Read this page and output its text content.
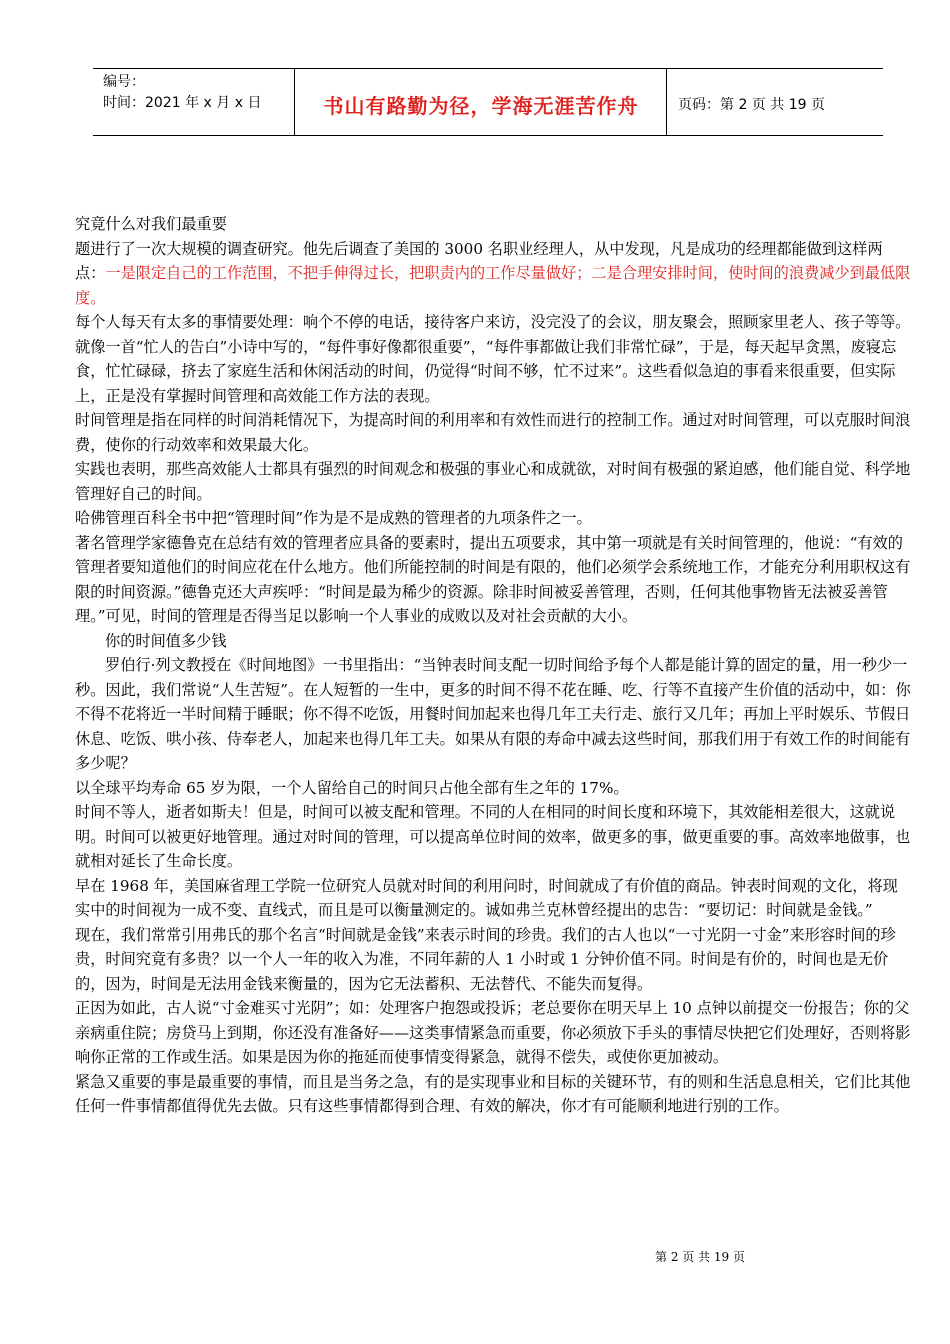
编号：
时间：2021 年 x 月 x 日	书山有路勤为径，学海无涯苦作舟	页码：第 2 页 共 19 页

究竟什么对我们最重要

题进行了一次大规模的调查研究。他先后调查了美国的 3000 名职业经理人，从中发现，凡是成功的经理都能做到这样两点：一是限定自己的工作范围，不把手伸得过长，把职责内的工作尽量做好；二是合理安排时间，使时间的浪费减少到最低限度。

每个人每天有太多的事情要处理：响个不停的电话，接待客户来访，没完没了的会议，朋友聚会，照顾家里老人、孩子等等。就像一首“忙人的告白”小诗中写的，“每件事好像都很重要”，“每件事都做让我们非常忙碌”，于是，每天起早贪黑，废寝忘食，忙忙碌碌，挤去了家庭生活和休闲活动的时间，仍觉得“时间不够，忙不过来”。这些看似急迫的事看来很重要，但实际上，正是没有掌握时间管理和高效能工作方法的表现。

时间管理是指在同样的时间消耗情况下，为提高时间的利用率和有效性而进行的控制工作。通过对时间管理，可以克服时间浪费，使你的行动效率和效果最大化。

实践也表明，那些高效能人士都具有强烈的时间观念和极强的事业心和成就欲，对时间有极强的紧迫感，他们能自觉、科学地管理好自己的时间。

哈佛管理百科全书中把“管理时间”作为是不是成熟的管理者的九项条件之一。

著名管理学家德鲁克在总结有效的管理者应具备的要素时，提出五项要求，其中第一项就是有关时间管理的，他说：“有效的管理者要知道他们的时间应花在什么地方。他们所能控制的时间是有限的，他们必须学会系统地工作，才能充分利用职权这有限的时间资源。”德鲁克还大声疾呼：“时间是最为稀少的资源。除非时间被妥善管理，否则，任何其他事物皆无法被妥善管理。”可见，时间的管理是否得当足以影响一个人事业的成败以及对社会贡献的大小。

你的时间值多少钱

罗伯行·列文教授在《时间地图》一书里指出：“当钟表时间支配一切时间给予每个人都是能计算的固定的量，用一秒少一秒。因此，我们常说“人生苦短”。在人短暂的一生中，更多的时间不得不花在睡、吃、行等不直接产生价值的活动中，如：你不得不花将近一半时间精于睡眠；你不得不吃饭，用餐时间加起来也得几年工夫行走、旅行又几年；再加上平时娱乐、节假日休息、吃饭、哄小孩、侍奉老人，加起来也得几年工夫。如果从有限的寿命中减去这些时间，那我们用于有效工作的时间能有多少呢？

以全球平均寿命 65 岁为限，一个人留给自己的时间只占他全部有生之年的 17%。

时间不等人，逝者如斯夫！但是，时间可以被支配和管理。不同的人在相同的时间长度和环境下，其效能相差很大，这就说明。时间可以被更好地管理。通过对时间的管理，可以提高单位时间的效率，做更多的事，做更重要的事。高效率地做事，也就相对延长了生命长度。

早在 1968 年，美国麻省理工学院一位研究人员就对时间的利用问时，时间就成了有价值的商品。钟表时间观的文化，将现实中的时间视为一成不变、直线式，而且是可以衡量测定的。诚如弗兰克林曾经提出的忠告：“要切记：时间就是金钱。”

现在，我们常常引用弗氏的那个名言“时间就是金钱”来表示时间的珍贵。我们的古人也以“一寸光阴一寸金”来形容时间的珍贵，时间究竟有多贵？以一个人一年的收入为准，不同年薪的人 1 小时或 1 分钟价值不同。时间是有价的，时间也是无价的，因为，时间是无法用金钱来衡量的，因为它无法蓄积、无法替代、不能失而复得。

正因为如此，古人说“寸金难买寸光阴”；如：处理客户抱怨或投诉；老总要你在明天早上 10 点钟以前提交一份报告；你的父亲病重住院；房贷马上到期，你还没有准备好——这类事情紧急而重要，你必须放下手头的事情尽快把它们处理好，否则将影响你正常的工作或生活。如果是因为你的拖延而使事情变得紧急，就得不偿失，或使你更加被动。

紧急又重要的事是最重要的事情，而且是当务之急，有的是实现事业和目标的关键环节，有的则和生活息息相关，它们比其他任何一件事情都值得优先去做。只有这些事情都得到合理、有效的解决，你才有可能顺利地进行别的工作。

第 2 页 共 19 页
